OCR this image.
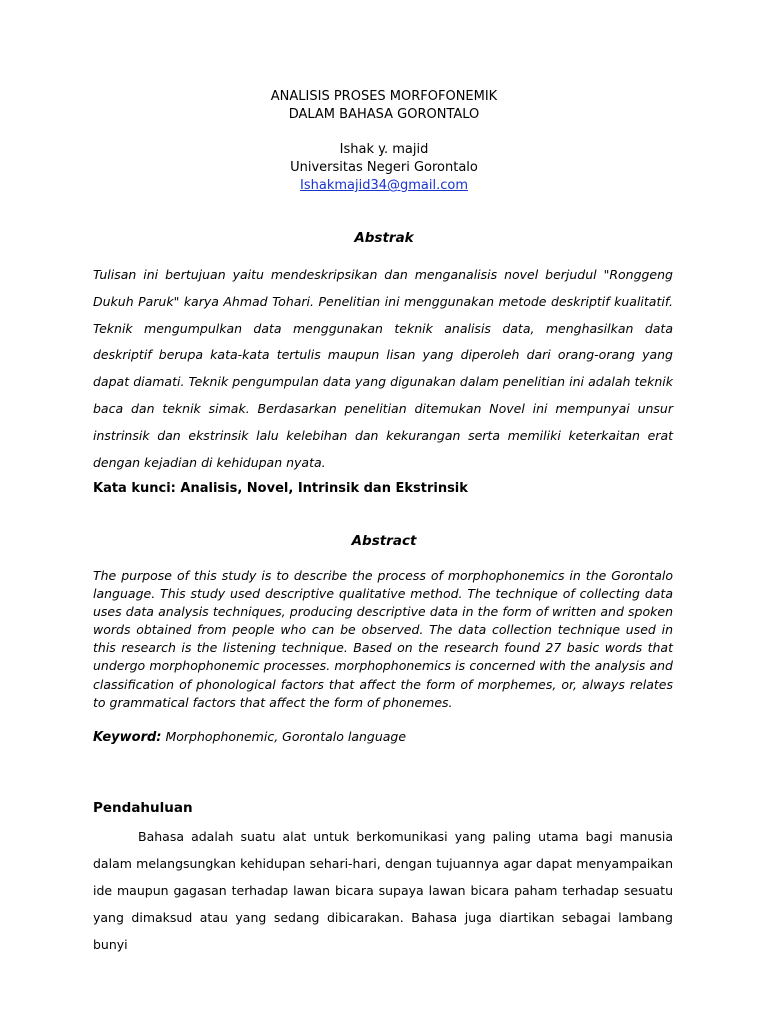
ANALISIS PROSES MORFOFONEMIK
DALAM BAHASA GORONTALO
Ishak y. majid
Universitas Negeri Gorontalo
Ishakmajid34@gmail.com
Abstrak

Tulisan ini bertujuan yaitu mendeskripsikan dan menganalisis novel berjudul "Ronggeng Dukuh Paruk" karya Ahmad Tohari. Penelitian ini menggunakan metode deskriptif kualitatif. Teknik mengumpulkan data menggunakan teknik analisis data, menghasilkan data deskriptif berupa kata-kata tertulis maupun lisan yang diperoleh dari orang-orang yang dapat diamati. Teknik pengumpulan data yang digunakan dalam penelitian ini adalah teknik baca dan teknik simak. Berdasarkan penelitian ditemukan Novel ini mempunyai unsur instrinsik dan ekstrinsik lalu kelebihan dan kekurangan serta memiliki keterkaitan erat dengan kejadian di kehidupan nyata.

Kata kunci: Analisis, Novel, Intrinsik dan Ekstrinsik
Abstract

The purpose of this study is to describe the process of morphophonemics in the Gorontalo language. This study used descriptive qualitative method. The technique of collecting data uses data analysis techniques, producing descriptive data in the form of written and spoken words obtained from people who can be observed. The data collection technique used in this research is the listening technique. Based on the research found 27 basic words that undergo morphophonemic processes. morphophonemics is concerned with the analysis and classification of phonological factors that affect the form of morphemes, or, always relates to grammatical factors that affect the form of phonemes.

Keyword: Morphophonemic, Gorontalo language
Pendahuluan

Bahasa adalah suatu alat untuk berkomunikasi yang paling utama bagi manusia dalam melangsungkan kehidupan sehari-hari, dengan tujuannya agar dapat menyampaikan ide maupun gagasan terhadap lawan bicara supaya lawan bicara paham terhadap sesuatu yang dimaksud atau yang sedang dibicarakan. Bahasa juga diartikan sebagai lambang bunyi
